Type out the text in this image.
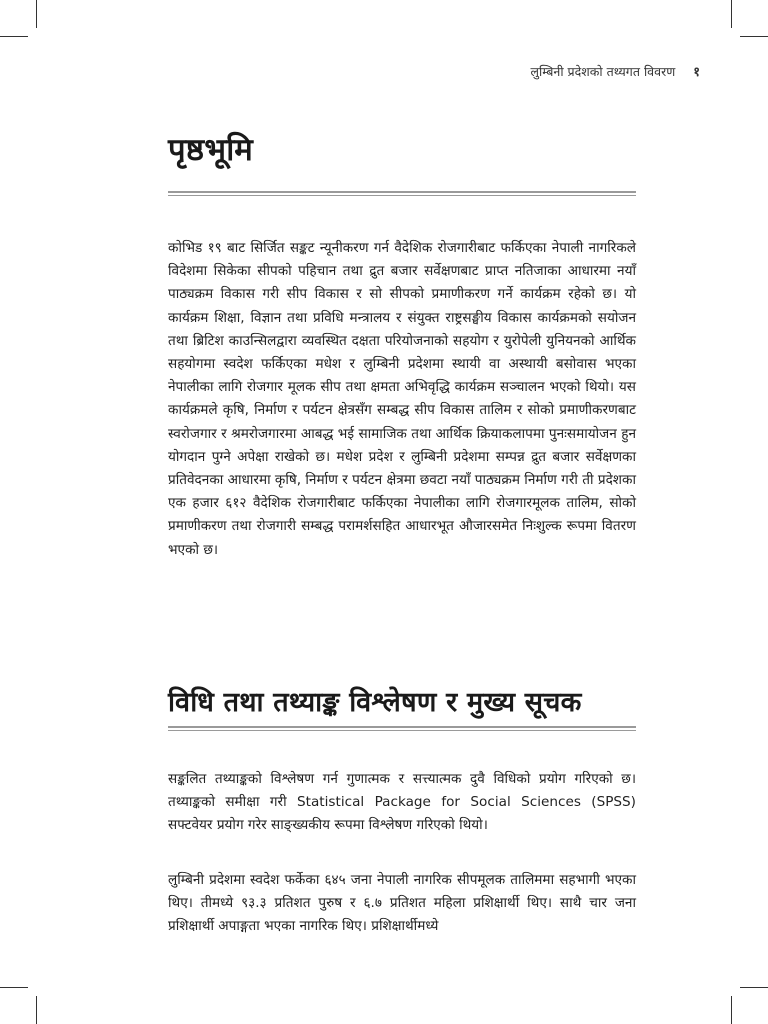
लुम्बिनी प्रदेशको तथ्यगत विवरण १
पृष्ठभूमि

कोभिड १९ बाट सिर्जित सङ्कट न्यूनीकरण गर्न वैदेशिक रोजगारीबाट फर्किएका नेपाली नागरिकले विदेशमा सिकेका सीपको पहिचान तथा द्रुत बजार सर्वेक्षणबाट प्राप्त नतिजाका आधारमा नयाँ पाठ्यक्रम विकास गरी सीप विकास र सो सीपको प्रमाणीकरण गर्ने कार्यक्रम रहेको छ। यो कार्यक्रम शिक्षा, विज्ञान तथा प्रविधि मन्त्रालय र संयुक्त राष्ट्रसङ्घीय विकास कार्यक्रमको सयोजन तथा ब्रिटिश काउन्सिलद्वारा व्यवस्थित दक्षता परियोजनाको सहयोग र युरोपेली युनियनको आर्थिक सहयोगमा स्वदेश फर्किएका मधेश र लुम्बिनी प्रदेशमा स्थायी वा अस्थायी बसोवास भएका नेपालीका लागि रोजगार मूलक सीप तथा क्षमता अभिवृद्धि कार्यक्रम सञ्चालन भएको थियो। यस कार्यक्रमले कृषि, निर्माण र पर्यटन क्षेत्रसँग सम्बद्ध सीप विकास तालिम र सोको प्रमाणीकरणबाट स्वरोजगार र श्रमरोजगारमा आबद्ध भई सामाजिक तथा आर्थिक क्रियाकलापमा पुनःसमायोजन हुन योगदान पुग्ने अपेक्षा राखेको छ। मधेश प्रदेश र लुम्बिनी प्रदेशमा सम्पन्न द्रुत बजार सर्वेक्षणका प्रतिवेदनका आधारमा कृषि, निर्माण र पर्यटन क्षेत्रमा छवटा नयाँ पाठ्यक्रम निर्माण गरी ती प्रदेशका एक हजार ६१२ वैदेशिक रोजगारीबाट फर्किएका नेपालीका लागि रोजगारमूलक तालिम, सोको प्रमाणीकरण तथा रोजगारी सम्बद्ध परामर्शसहित आधारभूत औजारसमेत निःशुल्क रूपमा वितरण भएको छ।

विधि तथा तथ्याङ्क विश्लेषण र मुख्य सूचक

सङ्कलित तथ्याङ्कको विश्लेषण गर्न गुणात्मक र सत्त्यात्मक दुवै विधिको प्रयोग गरिएको छ। तथ्याङ्कको समीक्षा गरी Statistical Package for Social Sciences (SPSS) सफ्टवेयर प्रयोग गरेर साङ्ख्यकीय रूपमा विश्लेषण गरिएको थियो।

लुम्बिनी प्रदेशमा स्वदेश फर्केका ६४५ जना नेपाली नागरिक सीपमूलक तालिममा सहभागी भएका थिए। तीमध्ये ९३.३ प्रतिशत पुरुष र ६.७ प्रतिशत महिला प्रशिक्षार्थी थिए। साथै चार जना प्रशिक्षार्थी अपाङ्गता भएका नागरिक थिए। प्रशिक्षार्थीमध्ये
